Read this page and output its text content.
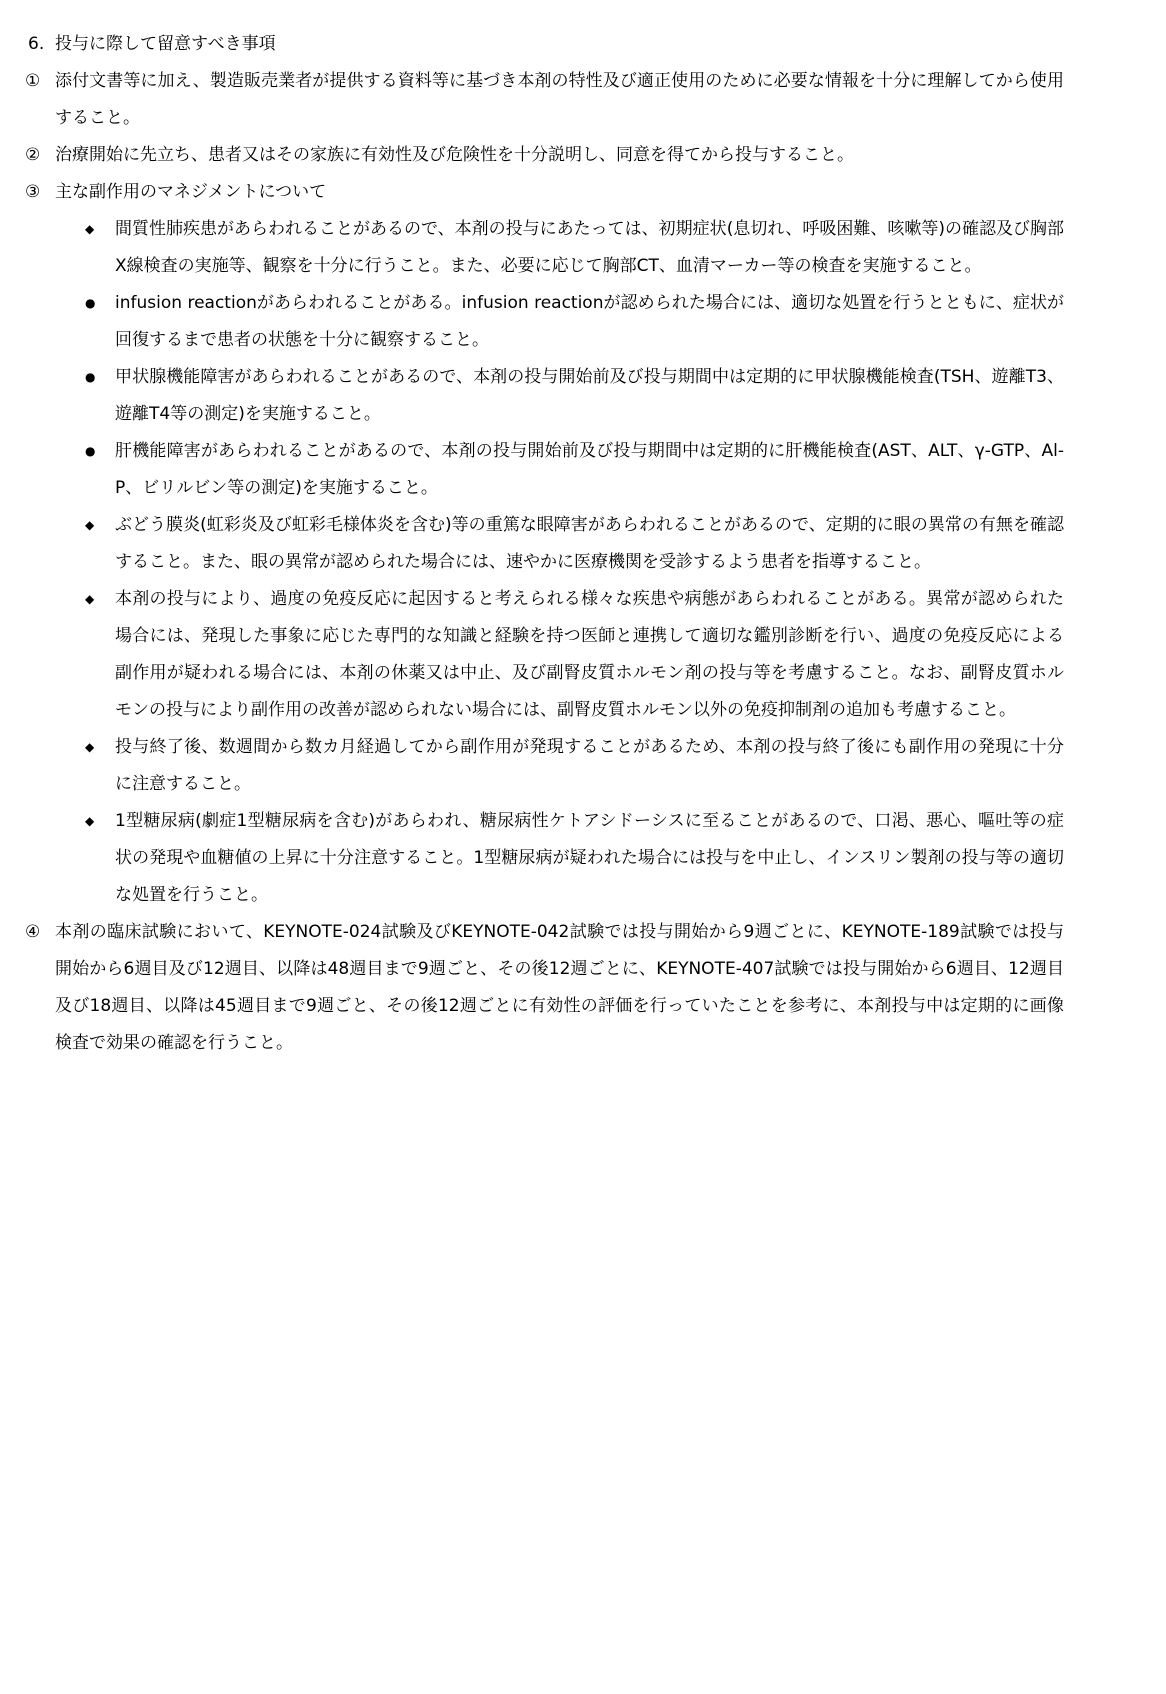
6. 投与に際して留意すべき事項
① 添付文書等に加え、製造販売業者が提供する資料等に基づき本剤の特性及び適正使用のために必要な情報を十分に理解してから使用すること。
② 治療開始に先立ち、患者又はその家族に有効性及び危険性を十分説明し、同意を得てから投与すること。
③ 主な副作用のマネジメントについて
◆	間質性肺疾患があらわれることがあるので、本剤の投与にあたっては、初期症状(息切れ、呼吸困難、咳嗽等)の確認及び胸部X線検査の実施等、観察を十分に行うこと。また、必要に応じて胸部CT、血清マーカー等の検査を実施すること。
●	infusion reactionがあらわれることがある。infusion reactionが認められた場合には、適切な処置を行うとともに、症状が回復するまで患者の状態を十分に観察すること。
●	甲状腺機能障害があらわれることがあるので、本剤の投与開始前及び投与期間中は定期的に甲状腺機能検査(TSH、遊離T3、遊離T4等の測定)を実施すること。
●	肝機能障害があらわれることがあるので、本剤の投与開始前及び投与期間中は定期的に肝機能検査(AST、ALT、γ-GTP、Al-P、ビリルビン等の測定)を実施すること。
◆	ぶどう膜炎(虹彩炎及び虹彩毛様体炎を含む)等の重篤な眼障害があらわれることがあるので、定期的に眼の異常の有無を確認すること。また、眼の異常が認められた場合には、速やかに医療機関を受診するよう患者を指導すること。
◆	本剤の投与により、過度の免疫反応に起因すると考えられる様々な疾患や病態があらわれることがある。異常が認められた場合には、発現した事象に応じた専門的な知識と経験を持つ医師と連携して適切な鑑別診断を行い、過度の免疫反応による副作用が疑われる場合には、本剤の休薬又は中止、及び副腎皮質ホルモン剤の投与等を考慮すること。なお、副腎皮質ホルモンの投与により副作用の改善が認められない場合には、副腎皮質ホルモン以外の免疫抑制剤の追加も考慮すること。
◆	投与終了後、数週間から数カ月経過してから副作用が発現することがあるため、本剤の投与終了後にも副作用の発現に十分に注意すること。
◆	1型糖尿病(劇症1型糖尿病を含む)があらわれ、糖尿病性ケトアシドーシスに至ることがあるので、口渇、悪心、嘔吐等の症状の発現や血糖値の上昇に十分注意すること。1型糖尿病が疑われた場合には投与を中止し、インスリン製剤の投与等の適切な処置を行うこと。
④ 本剤の臨床試験において、KEYNOTE-024試験及びKEYNOTE-042試験では投与開始から9週ごとに、KEYNOTE-189試験では投与開始から6週目及び12週目、以降は48週目まで9週ごと、その後12週ごとに、KEYNOTE-407試験では投与開始から6週目、12週目及び18週目、以降は45週目まで9週ごと、その後12週ごとに有効性の評価を行っていたことを参考に、本剤投与中は定期的に画像検査で効果の確認を行うこと。
